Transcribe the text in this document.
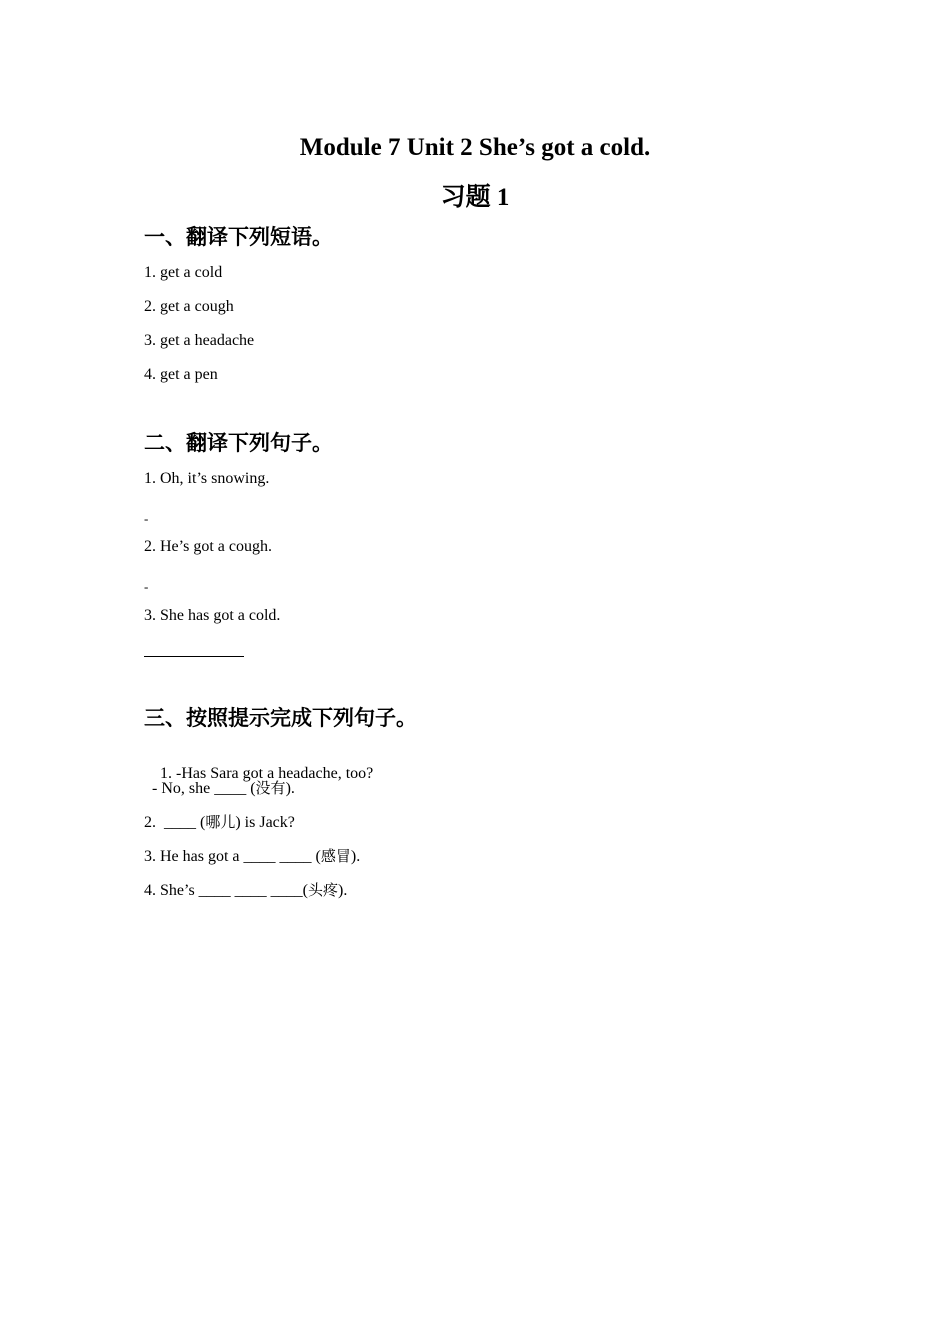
Module 7 Unit 2 She’s got a cold.
习题 1
一、翻译下列短语。
1. get a cold
2. get a cough
3. get a headache
4. get a pen
二、翻译下列句子。
1. Oh, it’s snowing.
-
2. He’s got a cough.
-
3. She has got a cold.
三、按照提示完成下列句子。

1. -Has Sara got a headache, too?

- No, she ____ (没有).
2.  ____ (哪儿) is Jack?
3. He has got a ____ ____ (感冒).
4. She’s ____ ____ ____(头疼).
